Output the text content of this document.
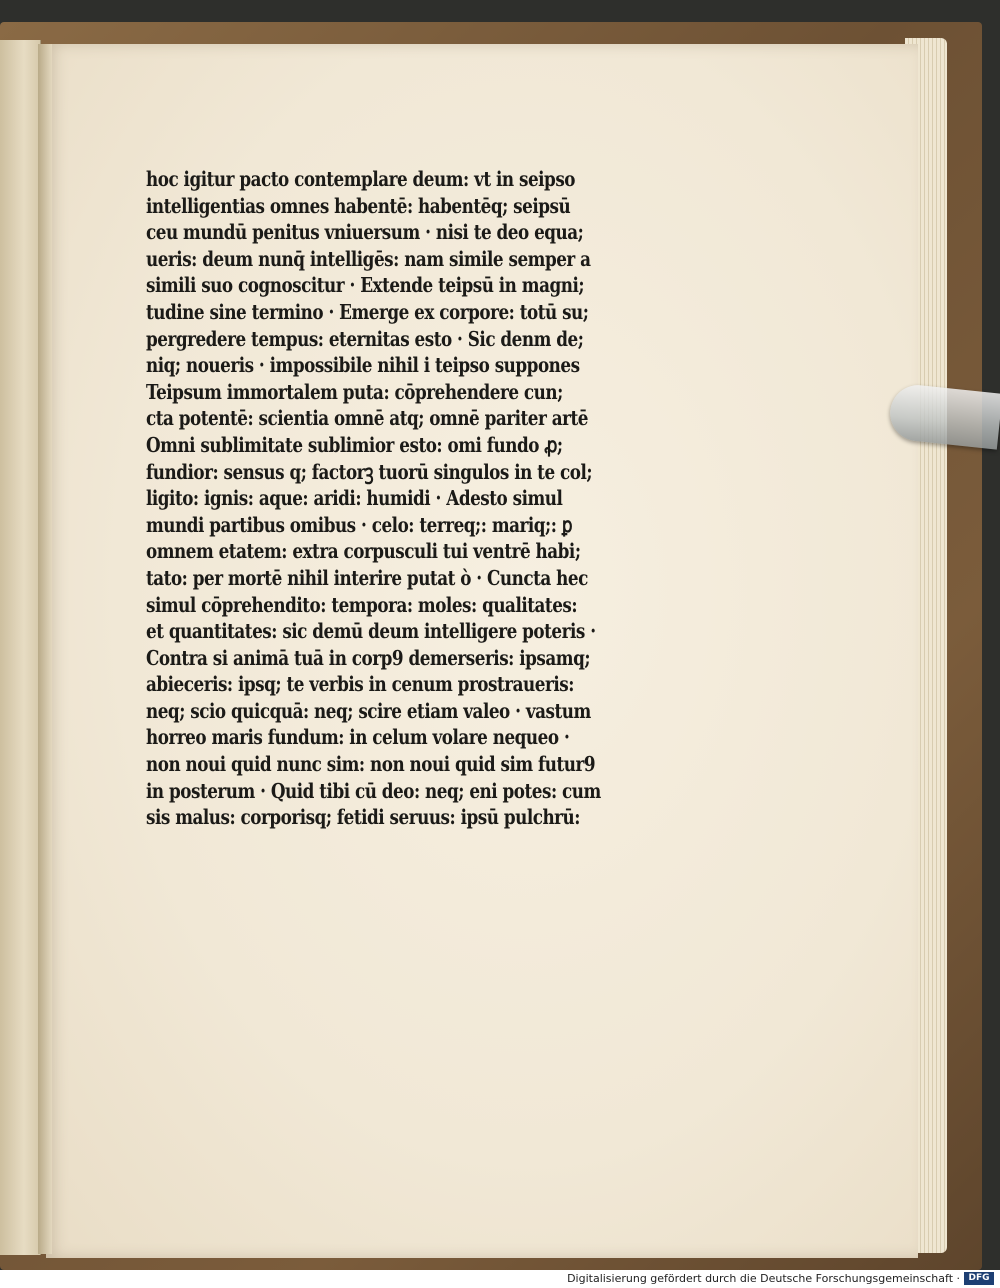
hoc igitur pacto contemplare deum: vt in seipso
intelligentias omnes habentē: habentēq; seipsū
ceu mundū penitus vniuersum · nisi te deo equa;
ueris: deum nunq̄ intelligēs: nam simile semper a
simili suo cognoscitur · Extende teipsū in magni;
tudine sine termino · Emerge ex corpore: totū su;
pergredere tempus: eternitas esto · Sic denm de;
niq; noueris · impossibile nihil i teipso suppones
Teipsum immortalem puta: cōprehendere cun;
cta potentē: scientia omnē atq; omnē pariter artē
Omni sublimitate sublimior esto: omi fundo ꝓ;
fundior: sensus q; factorꝫ tuorū singulos in te col;
ligito: ignis: aque: aridi: humidi · Adesto simul
mundi partibus omibus · celo: terreq;: mariq;: ꝑ
omnem etatem: extra corpusculi tui ventrē habi;
tato: per mortē nihil interire putat ò · Cuncta hec
simul cōprehendito: tempora: moles: qualitates:
et quantitates: sic demū deum intelligere poteris ·
Contra si animā tuā in corp9 demerseris: ipsamq;
abieceris: ipsq; te verbis in cenum prostraueris:
neq; scio quicquā: neq; scire etiam valeo · vastum
horreo maris fundum: in celum volare nequeo ·
non noui quid nunc sim: non noui quid sim futur9
in posterum · Quid tibi cū deo: neq; eni potes: cum
sis malus: corporisq; fetidi seruus: ipsū pulchrū:
Digitalisierung gefördert durch die Deutsche Forschungsgemeinschaft · DFG
